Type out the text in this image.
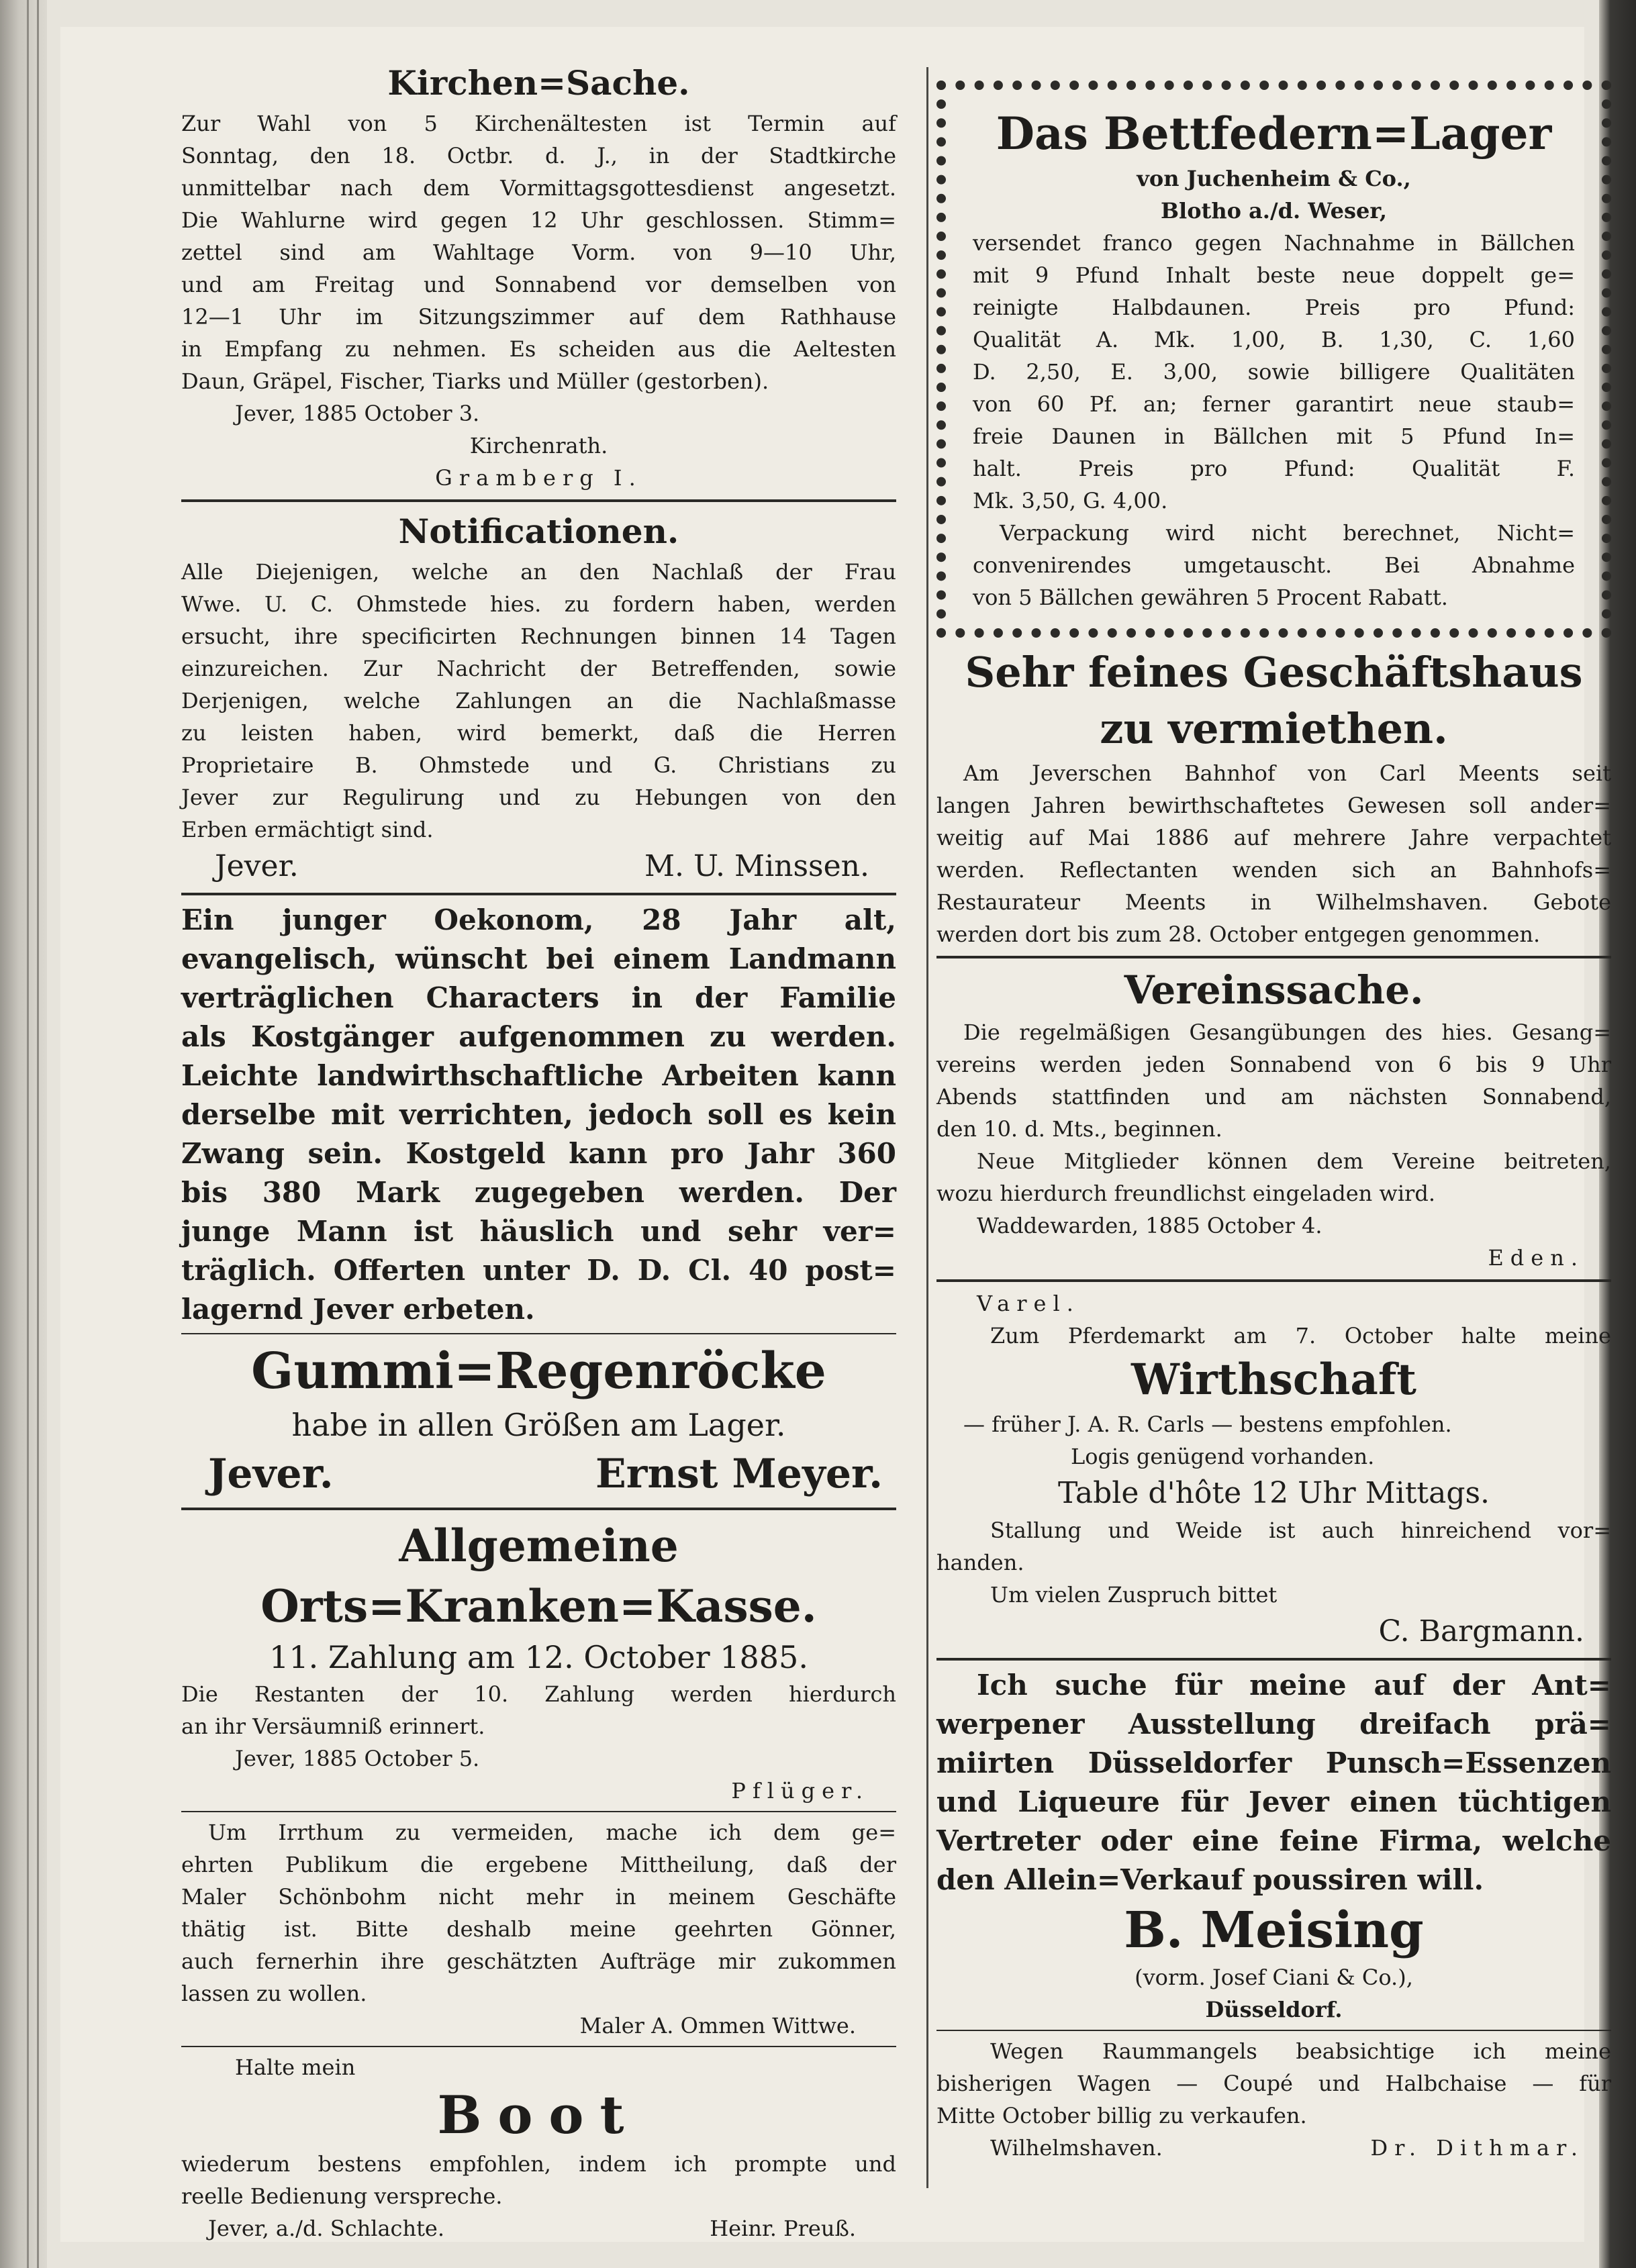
Kirchen=Sache.

Zur Wahl von 5 Kirchenältesten ist Termin auf

Sonntag, den 18. Octbr. d. J., in der Stadtkirche

unmittelbar nach dem Vormittagsgottesdienst angesetzt.

Die Wahlurne wird gegen 12 Uhr geschlossen. Stimm=

zettel sind am Wahltage Vorm. von 9—10 Uhr,

und am Freitag und Sonnabend vor demselben von

12—1 Uhr im Sitzungszimmer auf dem Rathhause

in Empfang zu nehmen. Es scheiden aus die Aeltesten

Daun, Gräpel, Fischer, Tiarks und Müller (gestorben).

Jever, 1885 October 3.

Kirchenrath.

Gramberg I.

Notificationen.

Alle Diejenigen, welche an den Nachlaß der Frau

Wwe. U. C. Ohmstede hies. zu fordern haben, werden

ersucht, ihre specificirten Rechnungen binnen 14 Tagen

einzureichen. Zur Nachricht der Betreffenden, sowie

Derjenigen, welche Zahlungen an die Nachlaßmasse

zu leisten haben, wird bemerkt, daß die Herren

Proprietaire B. Ohmstede und G. Christians zu

Jever zur Regulirung und zu Hebungen von den

Erben ermächtigt sind.

Jever.	M. U. Minssen.

Ein junger Oekonom, 28 Jahr alt,

evangelisch, wünscht bei einem Landmann

verträglichen Characters in der Familie

als Kostgänger aufgenommen zu werden.

Leichte landwirthschaftliche Arbeiten kann

derselbe mit verrichten, jedoch soll es kein

Zwang sein. Kostgeld kann pro Jahr 360

bis 380 Mark zugegeben werden. Der

junge Mann ist häuslich und sehr ver=

träglich. Offerten unter D. D. Cl. 40 post=

lagernd Jever erbeten.

Gummi=Regenröcke

habe in allen Größen am Lager.

Jever.	Ernst Meyer.
Allgemeine
Orts=Kranken=Kasse.

11. Zahlung am 12. October 1885.

Die Restanten der 10. Zahlung werden hierdurch

an ihr Versäumniß erinnert.

Jever, 1885 October 5.

Pflüger.

Um Irrthum zu vermeiden, mache ich dem ge=

ehrten Publikum die ergebene Mittheilung, daß der

Maler Schönbohm nicht mehr in meinem Geschäfte

thätig ist. Bitte deshalb meine geehrten Gönner,

auch fernerhin ihre geschätzten Aufträge mir zukommen

lassen zu wollen.

Maler A. Ommen Wittwe.

Halte mein

Boot

wiederum bestens empfohlen, indem ich prompte und

reelle Bedienung verspreche.

Jever, a./d. Schlachte.	Heinr. Preuß.
Das Bettfedern=Lager

von Juchenheim & Co.,

Blotho a./d. Weser,

versendet franco gegen Nachnahme in Bällchen

mit 9 Pfund Inhalt beste neue doppelt ge=

reinigte Halbdaunen. Preis pro Pfund:

Qualität A. Mk. 1,00, B. 1,30, C. 1,60

D. 2,50, E. 3,00, sowie billigere Qualitäten

von 60 Pf. an; ferner garantirt neue staub=

freie Daunen in Bällchen mit 5 Pfund In=

halt. Preis pro Pfund: Qualität F.

Mk. 3,50, G. 4,00.

Verpackung wird nicht berechnet, Nicht=

convenirendes umgetauscht. Bei Abnahme

von 5 Bällchen gewähren 5 Procent Rabatt.

Sehr feines Geschäftshaus
zu vermiethen.

Am Jeverschen Bahnhof von Carl Meents seit

langen Jahren bewirthschaftetes Gewesen soll ander=

weitig auf Mai 1886 auf mehrere Jahre verpachtet

werden. Reflectanten wenden sich an Bahnhofs=

Restaurateur Meents in Wilhelmshaven. Gebote

werden dort bis zum 28. October entgegen genommen.

Vereinssache.

Die regelmäßigen Gesangübungen des hies. Gesang=

vereins werden jeden Sonnabend von 6 bis 9 Uhr

Abends stattfinden und am nächsten Sonnabend,

den 10. d. Mts., beginnen.

Neue Mitglieder können dem Vereine beitreten,

wozu hierdurch freundlichst eingeladen wird.

Waddewarden, 1885 October 4.

Eden.

Varel.

Zum Pferdemarkt am 7. October halte meine

Wirthschaft

— früher J. A. R. Carls — bestens empfohlen.

Logis genügend vorhanden.

Table d'hôte 12 Uhr Mittags.

Stallung und Weide ist auch hinreichend vor=

handen.

Um vielen Zuspruch bittet

C. Bargmann.

Ich suche für meine auf der Ant=

werpener Ausstellung dreifach prä=

miirten Düsseldorfer Punsch=Essenzen

und Liqueure für Jever einen tüchtigen

Vertreter oder eine feine Firma, welche

den Allein=Verkauf poussiren will.

B. Meising

(vorm. Josef Ciani & Co.),

Düsseldorf.

Wegen Raummangels beabsichtige ich meine

bisherigen Wagen — Coupé und Halbchaise — für

Mitte October billig zu verkaufen.

Wilhelmshaven.	Dr. Dithmar.
